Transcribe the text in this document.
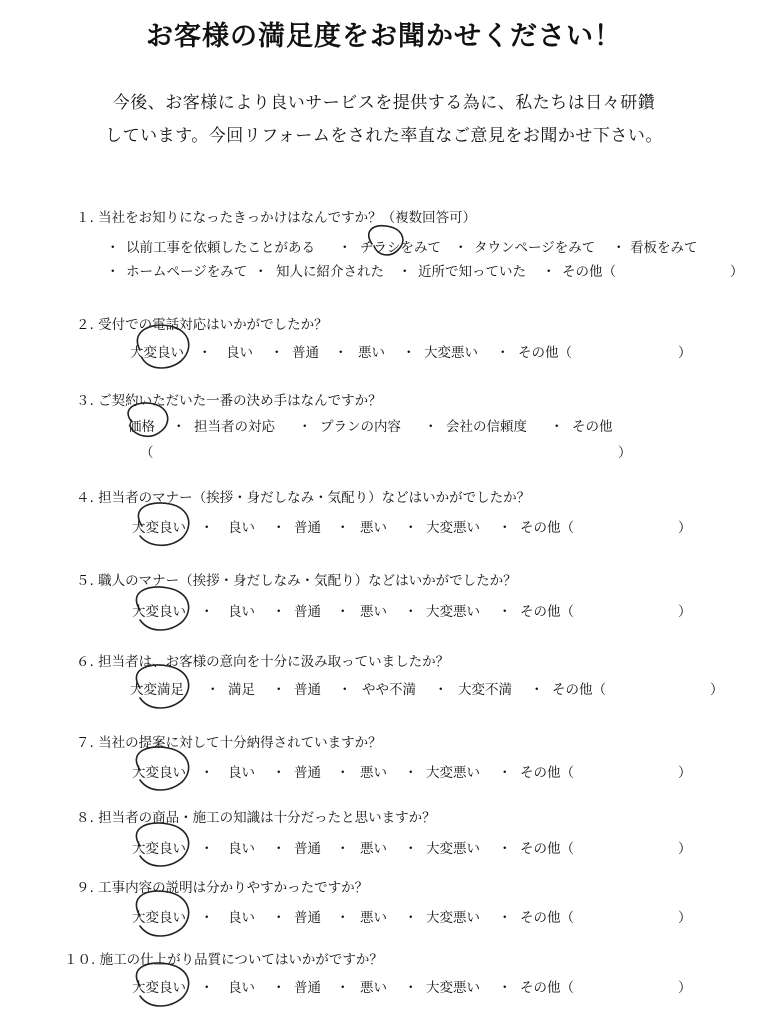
お客様の満足度をお聞かせください！
今後、お客様により良いサービスを提供する為に、私たちは日々研鑽
しています。今回リフォームをされた率直なご意見をお聞かせ下さい。
１. 当社をお知りになったきっかけはなんですか？（複数回答可）
・ 以前工事を依頼したことがある ・ チラシをみて ・ タウンページをみて ・ 看板をみて
・ ホームページをみて ・ 知人に紹介された ・ 近所で知っていた ・ その他（	）
２. 受付での電話対応はいかがでしたか？
大変良い ・ 良い ・ 普通 ・ 悪い ・ 大変悪い ・ その他（	）
３. ご契約いただいた一番の決め手はなんですか？
価格 ・ 担当者の対応 ・ プランの内容 ・ 会社の信頼度 ・ その他
（	）
４. 担当者のマナー（挨拶・身だしなみ・気配り）などはいかがでしたか？
大変良い ・ 良い ・ 普通 ・ 悪い ・ 大変悪い ・ その他（	）
５. 職人のマナー（挨拶・身だしなみ・気配り）などはいかがでしたか？
大変良い ・ 良い ・ 普通 ・ 悪い ・ 大変悪い ・ その他（	）
６. 担当者は、お客様の意向を十分に汲み取っていましたか？
大変満足 ・ 満足 ・ 普通 ・ やや不満 ・ 大変不満 ・ その他（	）
７. 当社の提案に対して十分納得されていますか？
大変良い ・ 良い ・ 普通 ・ 悪い ・ 大変悪い ・ その他（	）
８. 担当者の商品・施工の知識は十分だったと思いますか？
大変良い ・ 良い ・ 普通 ・ 悪い ・ 大変悪い ・ その他（	）
９. 工事内容の説明は分かりやすかったですか？
大変良い ・ 良い ・ 普通 ・ 悪い ・ 大変悪い ・ その他（	）
１０. 施工の仕上がり品質についてはいかがですか？
大変良い ・ 良い ・ 普通 ・ 悪い ・ 大変悪い ・ その他（	）
